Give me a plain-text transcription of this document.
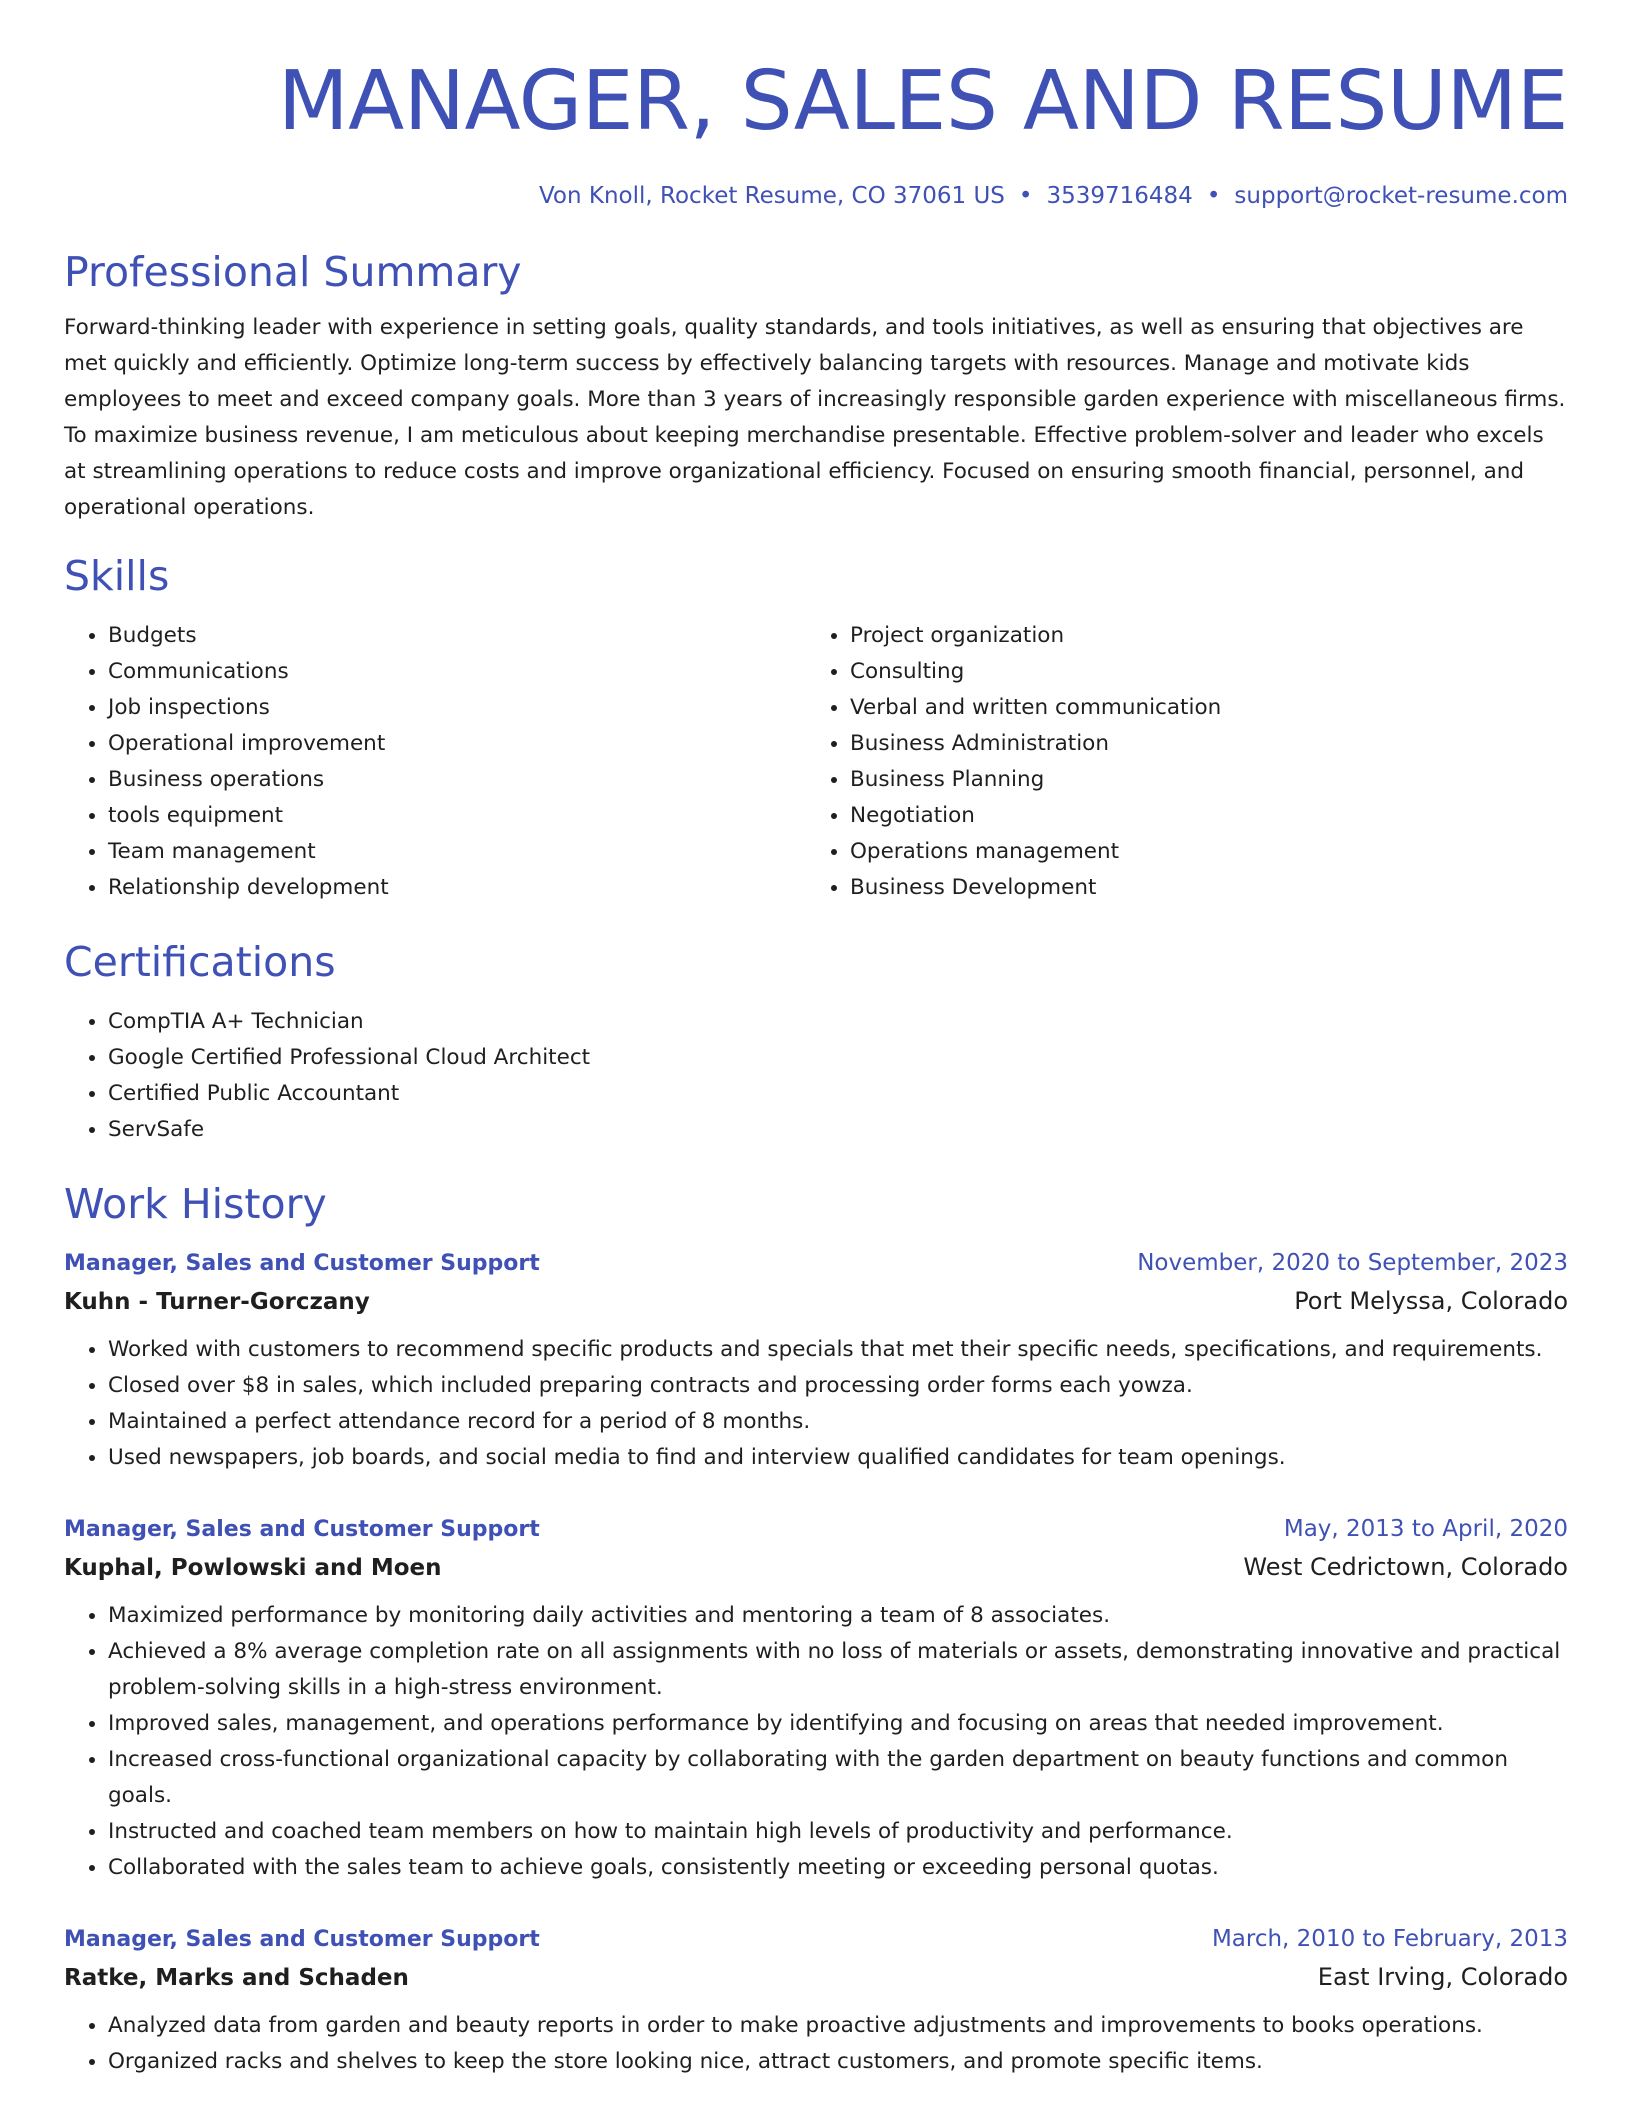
MANAGER, SALES AND RESUME
Von Knoll, Rocket Resume, CO 37061 US • 3539716484 • support@rocket-resume.com
Professional Summary
Forward-thinking leader with experience in setting goals, quality standards, and tools initiatives, as well as ensuring that objectives are met quickly and efficiently. Optimize long-term success by effectively balancing targets with resources. Manage and motivate kids employees to meet and exceed company goals. More than 3 years of increasingly responsible garden experience with miscellaneous firms. To maximize business revenue, I am meticulous about keeping merchandise presentable. Effective problem-solver and leader who excels at streamlining operations to reduce costs and improve organizational efficiency. Focused on ensuring smooth financial, personnel, and operational operations.
Skills
• Budgets
• Communications
• Job inspections
• Operational improvement
• Business operations
• tools equipment
• Team management
• Relationship development
• Project organization
• Consulting
• Verbal and written communication
• Business Administration
• Business Planning
• Negotiation
• Operations management
• Business Development
Certifications
• CompTIA A+ Technician
• Google Certified Professional Cloud Architect
• Certified Public Accountant
• ServSafe
Work History
Manager, Sales and Customer Support	November, 2020 to September, 2023
Kuhn - Turner-Gorczany	Port Melyssa, Colorado
• Worked with customers to recommend specific products and specials that met their specific needs, specifications, and requirements.
• Closed over $8 in sales, which included preparing contracts and processing order forms each yowza.
• Maintained a perfect attendance record for a period of 8 months.
• Used newspapers, job boards, and social media to find and interview qualified candidates for team openings.
Manager, Sales and Customer Support	May, 2013 to April, 2020
Kuphal, Powlowski and Moen	West Cedrictown, Colorado
• Maximized performance by monitoring daily activities and mentoring a team of 8 associates.
• Achieved a 8% average completion rate on all assignments with no loss of materials or assets, demonstrating innovative and practical problem-solving skills in a high-stress environment.
• Improved sales, management, and operations performance by identifying and focusing on areas that needed improvement.
• Increased cross-functional organizational capacity by collaborating with the garden department on beauty functions and common goals.
• Instructed and coached team members on how to maintain high levels of productivity and performance.
• Collaborated with the sales team to achieve goals, consistently meeting or exceeding personal quotas.
Manager, Sales and Customer Support	March, 2010 to February, 2013
Ratke, Marks and Schaden	East Irving, Colorado
• Analyzed data from garden and beauty reports in order to make proactive adjustments and improvements to books operations.
• Organized racks and shelves to keep the store looking nice, attract customers, and promote specific items.
